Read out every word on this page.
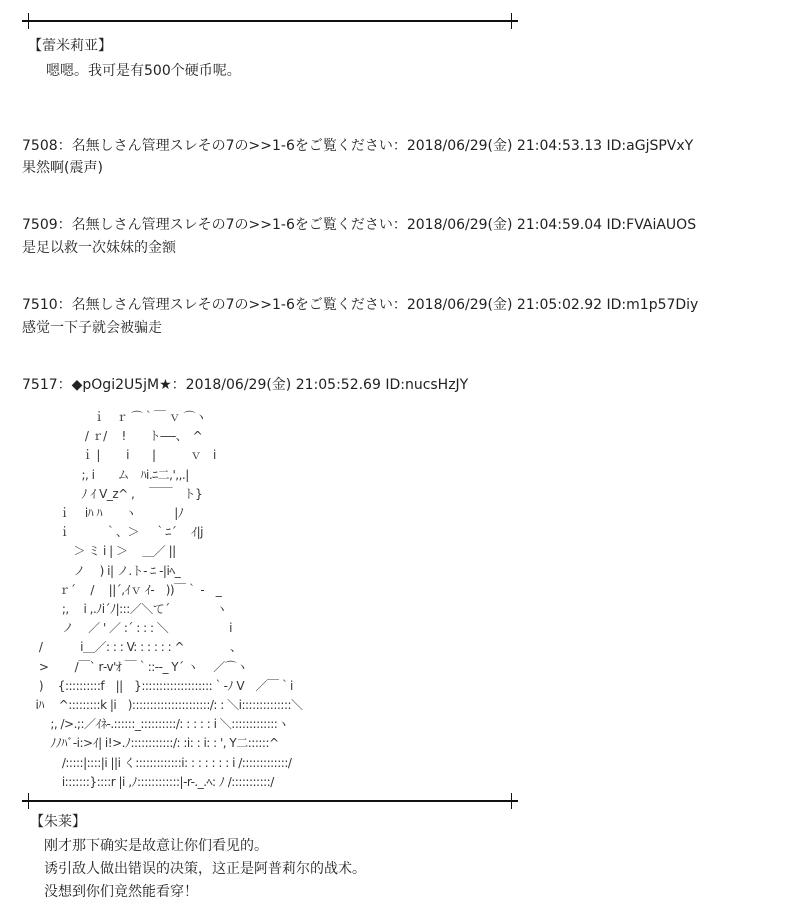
【蕾米莉亚】
嗯嗯。我可是有500个硬币呢。
7508：名無しさん管理スレその7の>>1-6をご覧ください：2018/06/29(金) 21:04:53.13 ID:aGjSPVxY
果然啊(震声)
7509：名無しさん管理スレその7の>>1-6をご覧ください：2018/06/29(金) 21:04:59.04 ID:FVAiAUOS
是足以救一次妹妹的金额
7510：名無しさん管理スレその7の>>1-6をご覧ください：2018/06/29(金) 21:05:02.92 ID:m1p57Diy
感觉一下子就会被骗走
7517：◆pOgi2U5jM★：2018/06/29(金) 21:05:52.69 ID:nucsHzJY
　　　　　　ｉ　ｒ ⌒｀￣ ｖ ⌒ヽ
　　　　　 / ｒ/　 !　　ト―‐、　^
　　　　　ｉ |　　 i　　|　　　ｖ　i
　　　　　;, i　　ム　ﾊi.ﾆ二,',,.|
　　　　　ﾉ ｲ V_z^ ,　 ￣￣　ト}
　　　ｉ　 iﾊ ﾊ　　ヽ　　　 |ﾉ
　　　ｉ　　　｀、＞　 ｀ﾆ´　 ｲ|j
　　　　 ＞ ミ i | ＞　 ＿／ ||
　　　　 ノ　 ) i| ノ.ト‐ ﾆ -|iﾍ_
　　　ｒ´　 /　 ||´,ｲｖ ｲ-　))￣｀ ‐　_
　　　 ;,　 i ,.ﾉi´ﾉ|:::／＼て´　　　　ヽ
　　　 ノ　 ／ ' ／ :´ : : : ＼　　　　　 i
　 /　　　 i＿／: : : V: : : : : : ^　　　　、
　 >　　 /￣` r‐v'ｵ ￣｀::‐-_ Y´ ヽ　 ／⌒ヽ
　 )　 {::::::::::f　||　}::::::::::::::::::::｀‐ﾉ V　／￣｀i
　iﾊ　 ^:::::::::k |i　)::::::::::::::::::::::/: : ＼i::::::::::::::＼
　　 ;, />.;:／ｲﾈ‐.::::::_::::::::::/: : : : : i ＼:::::::::::::ヽ
　　 ﾉﾉﾊﾞ‐i:>ｲ| i!>.ﾉ::::::::::::/: :i: : i: : ', Y二::::::^
　　　 /:::::|::::|i ||i く:::::::::::::i: : : : : : : i /:::::::::::::/
　　　 i:::::::}::::r |i ,ﾉ::::::::::::|-r-._.ﾍ: ﾉ /:::::::::::/
【朱莱】
刚才那下确实是故意让你们看见的。
诱引敌人做出错误的决策，这正是阿普莉尔的战术。
没想到你们竟然能看穿！
